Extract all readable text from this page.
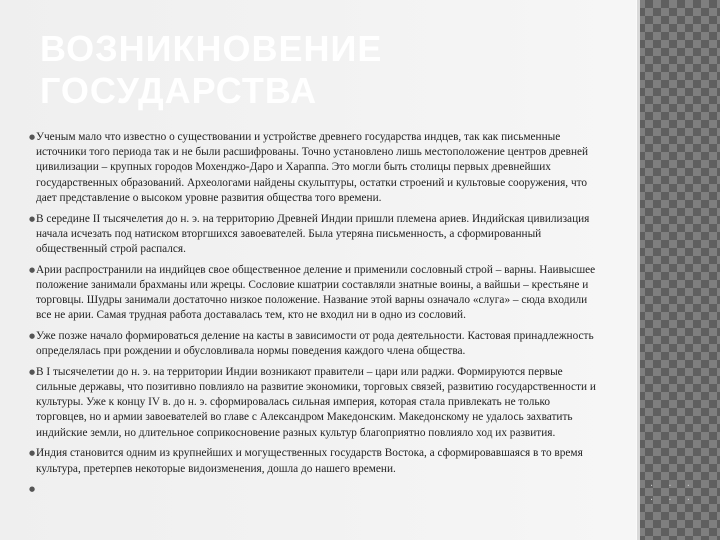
· · ·
· · ·
ВОЗНИКНОВЕНИЕ ГОСУДАРСТВА
● Ученым мало что известно о существовании и устройстве древнего государства индцев, так как письменные источники того периода так и не были расшифрованы. Точно установлено лишь местоположение центров древней цивилизации – крупных городов Мохенджо-Даро и Хараппа. Это могли быть столицы первых древнейших государственных образований. Археологами найдены скульптуры, остатки строений и культовые сооружения, что дает представление о высоком уровне развития общества того времени.
● В середине II тысячелетия до н. э. на территорию Древней Индии пришли племена ариев. Индийская цивилизация начала исчезать под натиском вторгшихся завоевателей. Была утеряна письменность, а сформированный общественный строй распался.
● Арии распространили на индийцев свое общественное деление и применили сословный строй – варны. Наивысшее положение занимали брахманы или жрецы. Сословие кшатрии составляли знатные воины, а вайшьи – крестьяне и торговцы. Шудры занимали достаточно низкое положение. Название этой варны означало «слуга» – сюда входили все не арии. Самая трудная работа доставалась тем, кто не входил ни в одно из сословий.
● Уже позже начало формироваться деление на касты в зависимости от рода деятельности. Кастовая принадлежность определялась при рождении и обусловливала нормы поведения каждого члена общества.
● В I тысячелетии до н. э. на территории Индии возникают правители – цари или раджи. Формируются первые сильные державы, что позитивно повлияло на развитие экономики, торговых связей, развитию государственности и культуры. Уже к концу IV в. до н. э. сформировалась сильная империя, которая стала привлекать не только торговцев, но и армии завоевателей во главе с Александром Македонским. Македонскому не удалось захватить индийские земли, но длительное соприкосновение разных культур благоприятно повлияло ход их развития.
● Индия становится одним из крупнейших и могущественных государств Востока, а сформировавшаяся в то время культура, претерпев некоторые видоизменения, дошла до нашего времени.
●
